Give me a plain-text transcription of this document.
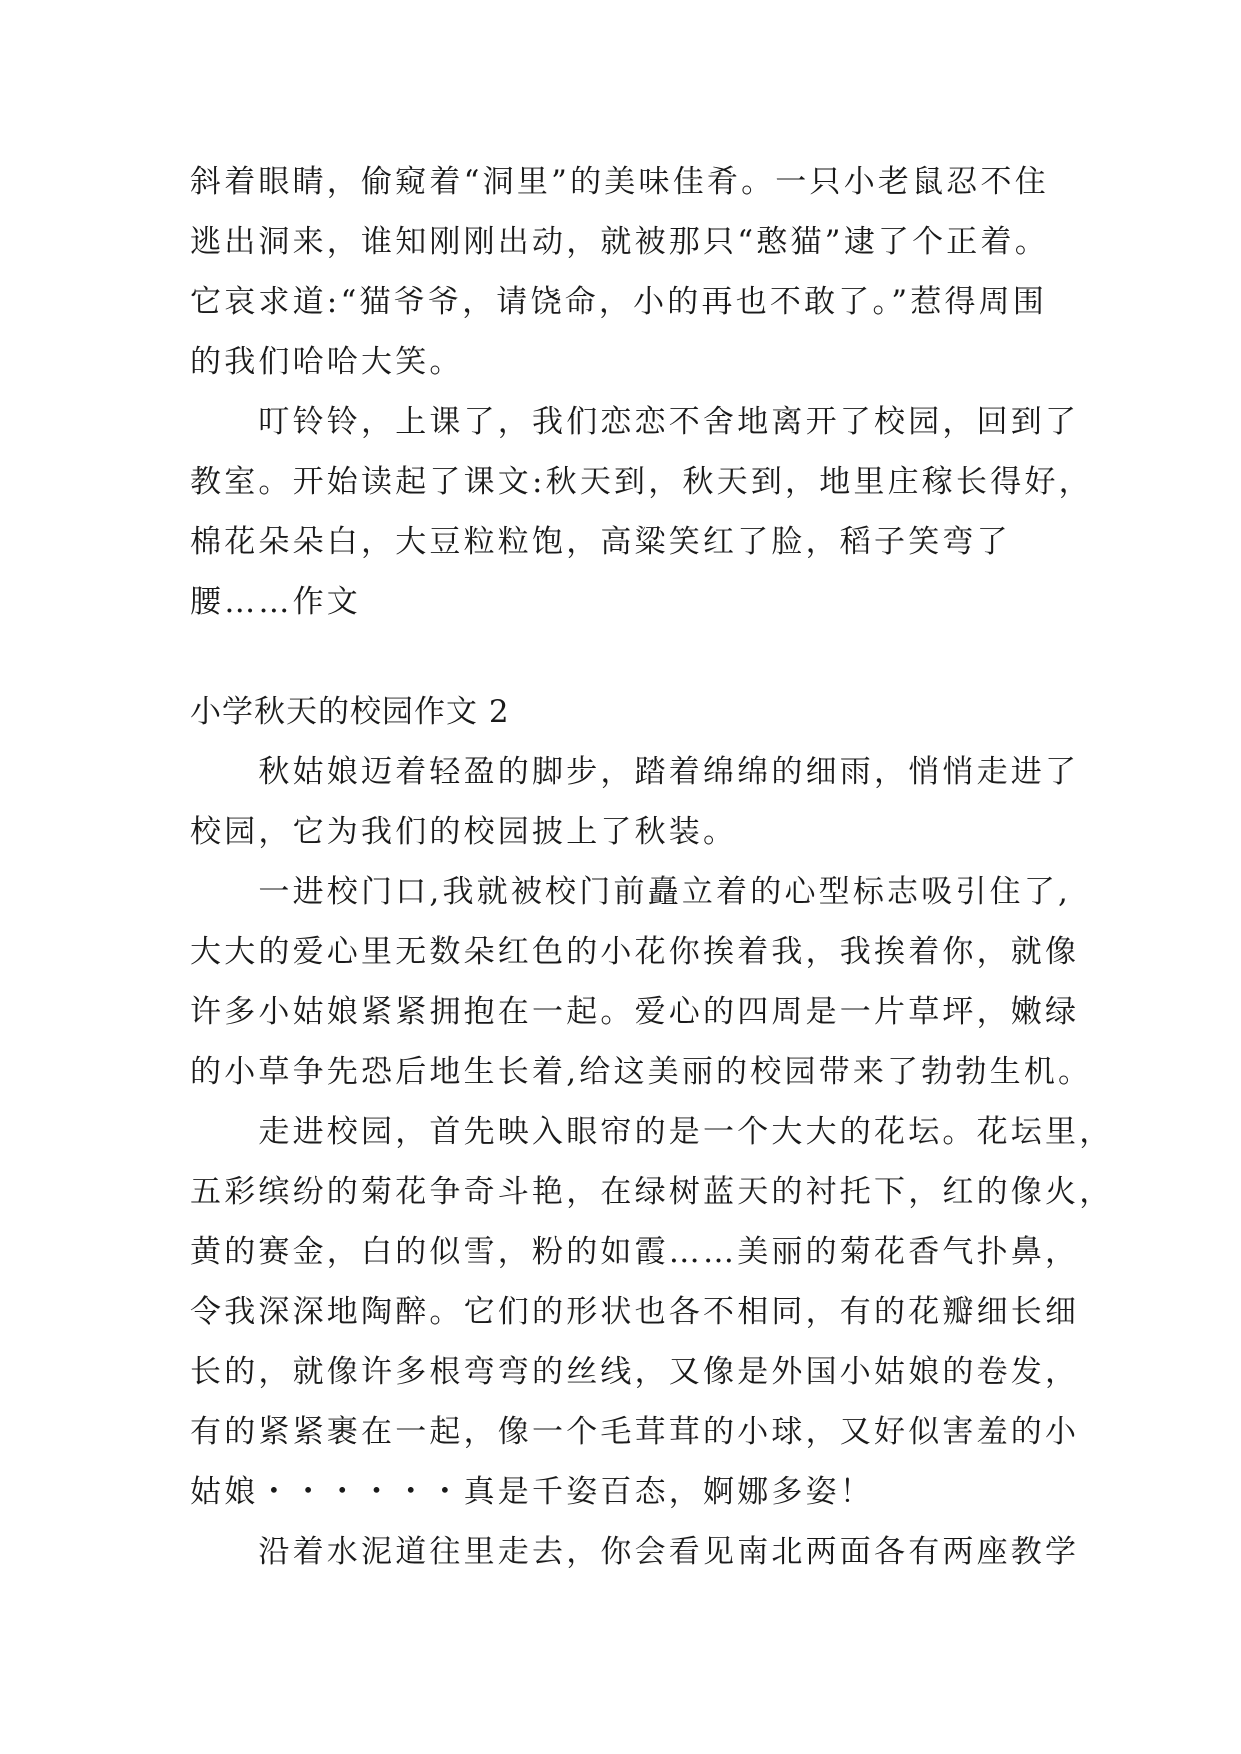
斜着眼睛，偷窥着“洞里”的美味佳肴。一只小老鼠忍不住
逃出洞来，谁知刚刚出动，就被那只“憨猫”逮了个正着。
它哀求道:“猫爷爷，请饶命，小的再也不敢了。”惹得周围
的我们哈哈大笑。
　　叮铃铃，上课了，我们恋恋不舍地离开了校园，回到了
教室。开始读起了课文:秋天到，秋天到，地里庄稼长得好，
棉花朵朵白，大豆粒粒饱，高粱笑红了脸，稻子笑弯了
腰……作文
小学秋天的校园作文 2
　　秋姑娘迈着轻盈的脚步，踏着绵绵的细雨，悄悄走进了
校园，它为我们的校园披上了秋装。
　　一进校门口,我就被校门前矗立着的心型标志吸引住了,
大大的爱心里无数朵红色的小花你挨着我，我挨着你，就像
许多小姑娘紧紧拥抱在一起。爱心的四周是一片草坪，嫩绿
的小草争先恐后地生长着,给这美丽的校园带来了勃勃生机。
　　走进校园，首先映入眼帘的是一个大大的花坛。花坛里，
五彩缤纷的菊花争奇斗艳，在绿树蓝天的衬托下，红的像火，
黄的赛金，白的似雪，粉的如霞……美丽的菊花香气扑鼻，
令我深深地陶醉。它们的形状也各不相同，有的花瓣细长细
长的，就像许多根弯弯的丝线，又像是外国小姑娘的卷发，
有的紧紧裹在一起，像一个毛茸茸的小球，又好似害羞的小
姑娘・・・・・・真是千姿百态，婀娜多姿！
　　沿着水泥道往里走去，你会看见南北两面各有两座教学
